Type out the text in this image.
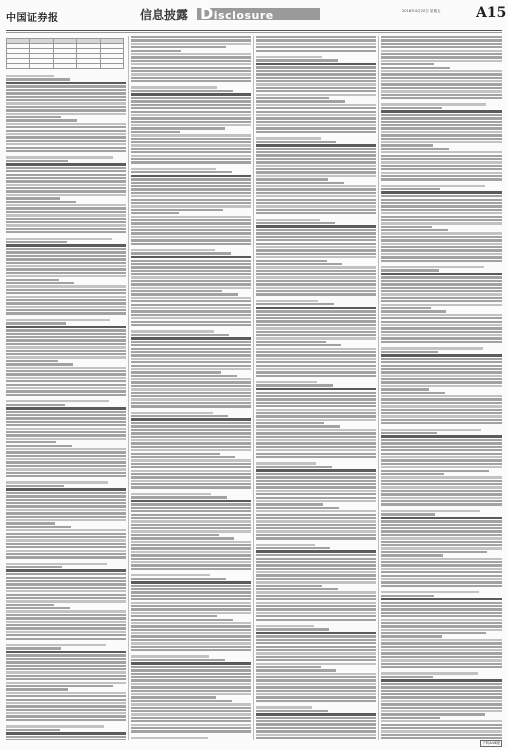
中国证券报	信息披露 Disclosure	2018年4月20日 星期五	A15

下转A16版
